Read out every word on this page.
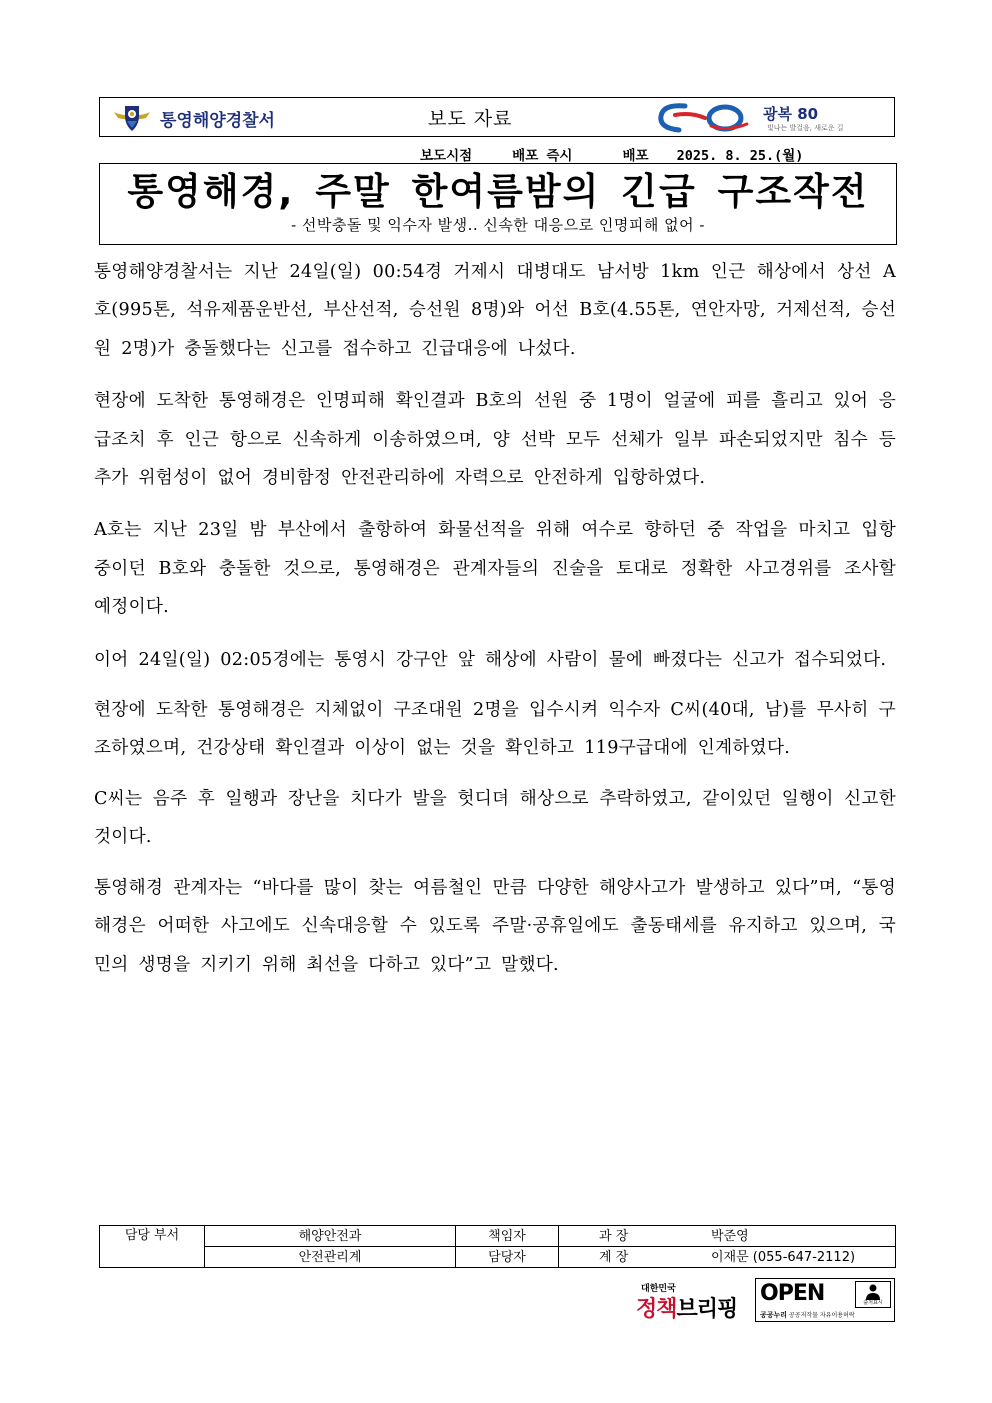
통영해양경찰서	보도 자료	광복 80
빛나는 발걸음, 새로운 길
보도시점	배포 즉시	배포 2025. 8. 25.(월)
통영해경, 주말 한여름밤의 긴급 구조작전

- 선박충돌 및 익수자 발생.. 신속한 대응으로 인명피해 없어 -

통영해양경찰서는 지난 24일(일) 00:54경 거제시 대병대도 남서방 1km 인근 해상에서 상선 A호(995톤, 석유제품운반선, 부산선적, 승선원 8명)와 어선 B호(4.55톤, 연안자망, 거제선적, 승선원 2명)가 충돌했다는 신고를 접수하고 긴급대응에 나섰다.

현장에 도착한 통영해경은 인명피해 확인결과 B호의 선원 중 1명이 얼굴에 피를 흘리고 있어 응급조치 후 인근 항으로 신속하게 이송하였으며, 양 선박 모두 선체가 일부 파손되었지만 침수 등 추가 위험성이 없어 경비함정 안전관리하에 자력으로 안전하게 입항하였다.

A호는 지난 23일 밤 부산에서 출항하여 화물선적을 위해 여수로 향하던 중 작업을 마치고 입항중이던 B호와 충돌한 것으로, 통영해경은 관계자들의 진술을 토대로 정확한 사고경위를 조사할 예정이다.

이어 24일(일) 02:05경에는 통영시 강구안 앞 해상에 사람이 물에 빠졌다는 신고가 접수되었다.

현장에 도착한 통영해경은 지체없이 구조대원 2명을 입수시켜 익수자 C씨(40대, 남)를 무사히 구조하였으며, 건강상태 확인결과 이상이 없는 것을 확인하고 119구급대에 인계하였다.

C씨는 음주 후 일행과 장난을 치다가 발을 헛디뎌 해상으로 추락하였고, 같이있던 일행이 신고한 것이다.

통영해경 관계자는 “바다를 많이 찾는 여름철인 만큼 다양한 해양사고가 발생하고 있다”며, “통영해경은 어떠한 사고에도 신속대응할 수 있도록 주말·공휴일에도 출동태세를 유지하고 있으며, 국민의 생명을 지키기 위해 최선을 다하고 있다”고 말했다.

담당 부서	해양안전과	책임자	과 장 박준영
	안전관리계	담당자	계 장 이재문 (055-647-2112)
대한민국
정책브리핑
OPEN	출처표시
공공누리 공공저작물 자유이용허락
